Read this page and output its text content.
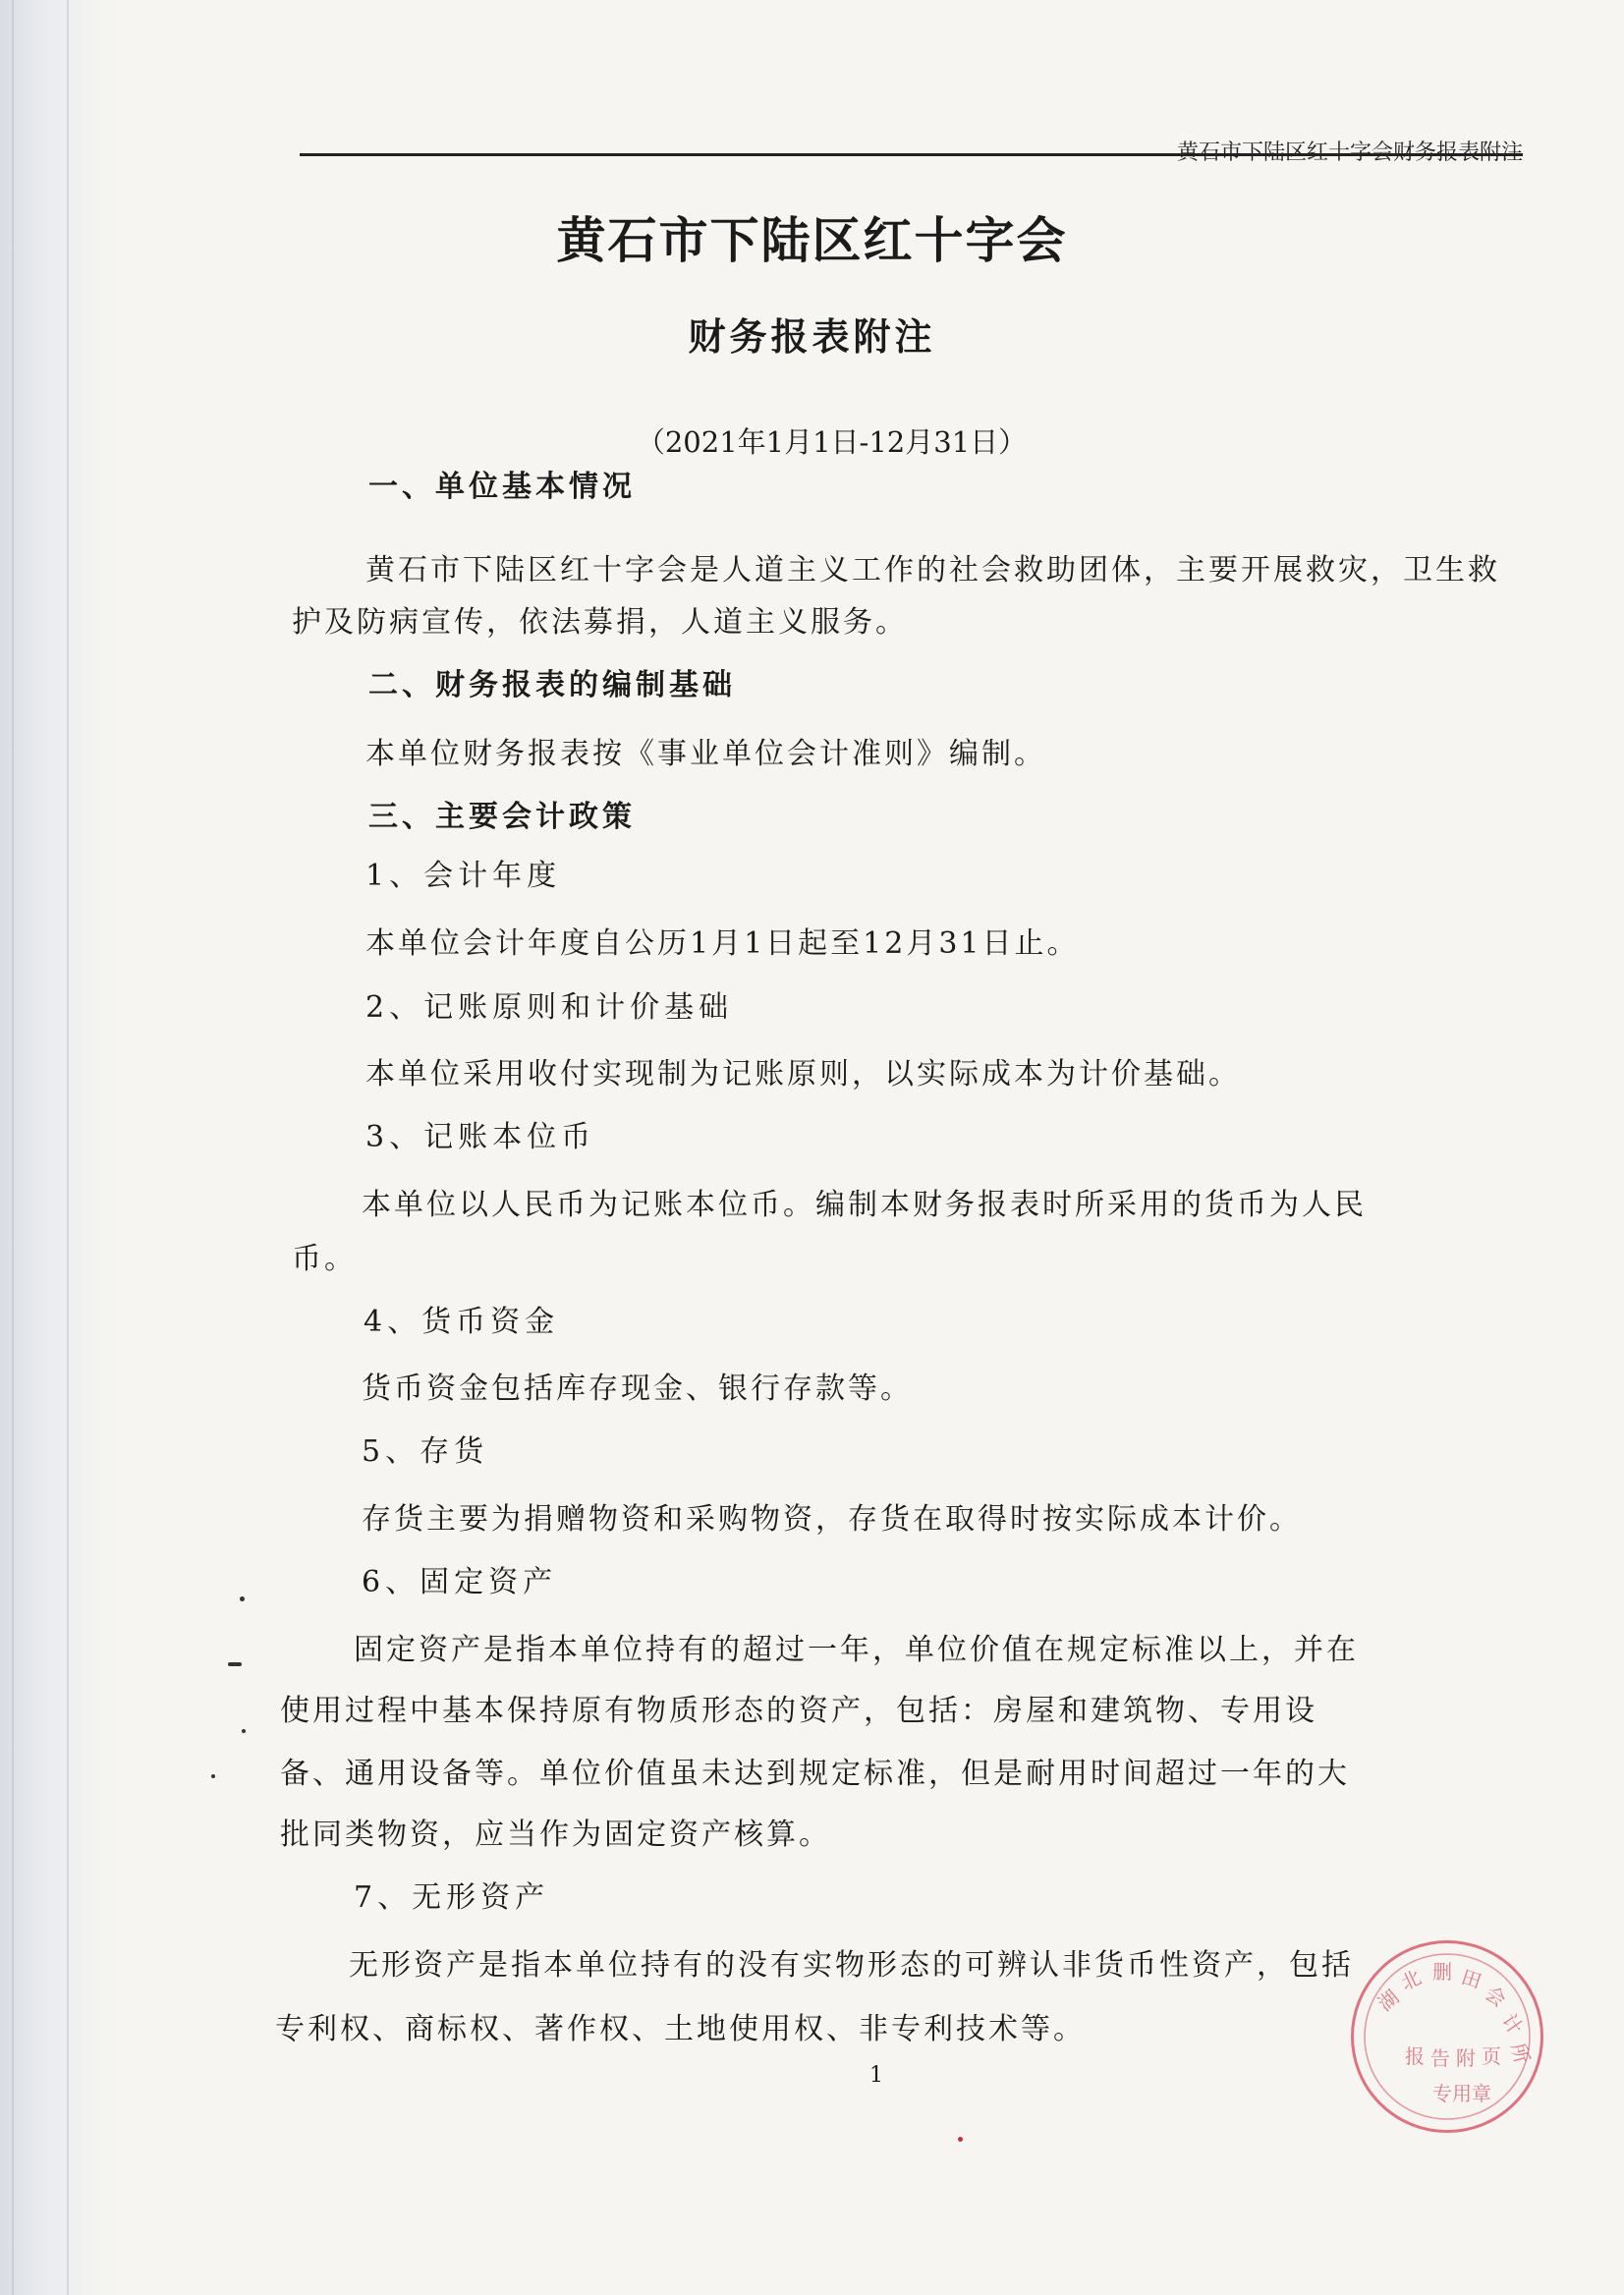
黄石市下陆区红十字会财务报表附注
黄石市下陆区红十字会
财务报表附注
（2021年1月1日-12月31日）
一、单位基本情况
黄石市下陆区红十字会是人道主义工作的社会救助团体，主要开展救灾，卫生救
护及防病宣传，依法募捐，人道主义服务。
二、财务报表的编制基础
本单位财务报表按《事业单位会计准则》编制。
三、主要会计政策
1、会计年度
本单位会计年度自公历1月1日起至12月31日止。
2、记账原则和计价基础
本单位采用收付实现制为记账原则，以实际成本为计价基础。
3、记账本位币
本单位以人民币为记账本位币。编制本财务报表时所采用的货币为人民
币。
4、货币资金
货币资金包括库存现金、银行存款等。
5、存货
存货主要为捐赠物资和采购物资，存货在取得时按实际成本计价。
6、固定资产
固定资产是指本单位持有的超过一年，单位价值在规定标准以上，并在
使用过程中基本保持原有物质形态的资产，包括：房屋和建筑物、专用设
备、通用设备等。单位价值虽未达到规定标准，但是耐用时间超过一年的大
批同类物资，应当作为固定资产核算。
7、无形资产
无形资产是指本单位持有的没有实物形态的可辨认非货币性资产，包括
专利权、商标权、著作权、土地使用权、非专利技术等。
1
湖
北 删 田
会
计
所
报 告 附 页
专用章
